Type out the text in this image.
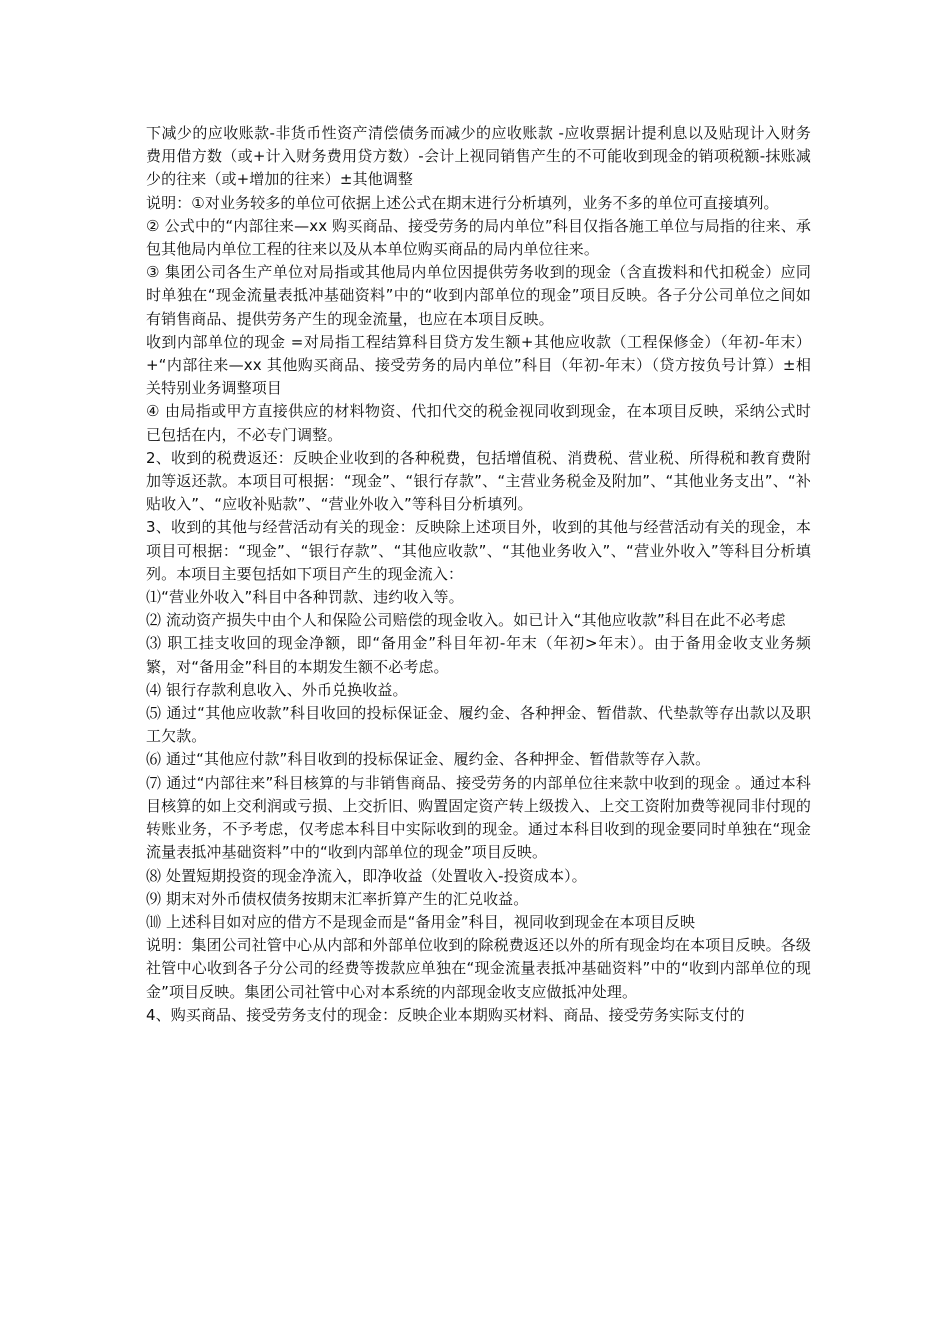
下减少的应收账款-非货币性资产清偿债务而减少的应收账款 -应收票据计提利息以及贴现计入财务费用借方数（或+计入财务费用贷方数）-会计上视同销售产生的不可能收到现金的销项税额-抹账减少的往来（或+增加的往来）±其他调整

说明：①对业务较多的单位可依据上述公式在期末进行分析填列，业务不多的单位可直接填列。

② 公式中的“内部往来—xx 购买商品、接受劳务的局内单位”科目仅指各施工单位与局指的往来、承包其他局内单位工程的往来以及从本单位购买商品的局内单位往来。

③ 集团公司各生产单位对局指或其他局内单位因提供劳务收到的现金（含直拨料和代扣税金）应同时单独在“现金流量表抵冲基础资料”中的“收到内部单位的现金”项目反映。各子分公司单位之间如有销售商品、提供劳务产生的现金流量，也应在本项目反映。

收到内部单位的现金 =对局指工程结算科目贷方发生额+其他应收款（工程保修金）（年初-年末）+“内部往来—xx 其他购买商品、接受劳务的局内单位”科目（年初-年末）（贷方按负号计算）±相关特别业务调整项目

④ 由局指或甲方直接供应的材料物资、代扣代交的税金视同收到现金，在本项目反映，采纳公式时已包括在内，不必专门调整。

2、收到的税费返还：反映企业收到的各种税费，包括增值税、消费税、营业税、所得税和教育费附加等返还款。本项目可根据：“现金”、“银行存款”、“主营业务税金及附加”、“其他业务支出”、“补贴收入”、“应收补贴款”、“营业外收入”等科目分析填列。

3、收到的其他与经营活动有关的现金：反映除上述项目外，收到的其他与经营活动有关的现金，本项目可根据：“现金”、“银行存款”、“其他应收款”、“其他业务收入”、“营业外收入”等科目分析填列。本项目主要包括如下项目产生的现金流入：

⑴“营业外收入”科目中各种罚款、违约收入等。

⑵ 流动资产损失中由个人和保险公司赔偿的现金收入。如已计入“其他应收款”科目在此不必考虑

⑶ 职工挂支收回的现金净额，即“备用金”科目年初-年末（年初>年末）。由于备用金收支业务频繁，对“备用金”科目的本期发生额不必考虑。

⑷ 银行存款利息收入、外币兑换收益。

⑸ 通过“其他应收款”科目收回的投标保证金、履约金、各种押金、暂借款、代垫款等存出款以及职工欠款。

⑹ 通过“其他应付款”科目收到的投标保证金、履约金、各种押金、暂借款等存入款。

⑺ 通过“内部往来”科目核算的与非销售商品、接受劳务的内部单位往来款中收到的现金 。通过本科目核算的如上交利润或亏损、上交折旧、购置固定资产转上级拨入、上交工资附加费等视同非付现的转账业务，不予考虑，仅考虑本科目中实际收到的现金。通过本科目收到的现金要同时单独在“现金流量表抵冲基础资料”中的“收到内部单位的现金”项目反映。

⑻ 处置短期投资的现金净流入，即净收益（处置收入-投资成本）。

⑼ 期末对外币债权债务按期末汇率折算产生的汇兑收益。

⑽ 上述科目如对应的借方不是现金而是“备用金”科目，视同收到现金在本项目反映

说明：集团公司社管中心从内部和外部单位收到的除税费返还以外的所有现金均在本项目反映。各级社管中心收到各子分公司的经费等拨款应单独在“现金流量表抵冲基础资料”中的“收到内部单位的现金”项目反映。集团公司社管中心对本系统的内部现金收支应做抵冲处理。

4、购买商品、接受劳务支付的现金：反映企业本期购买材料、商品、接受劳务实际支付的
